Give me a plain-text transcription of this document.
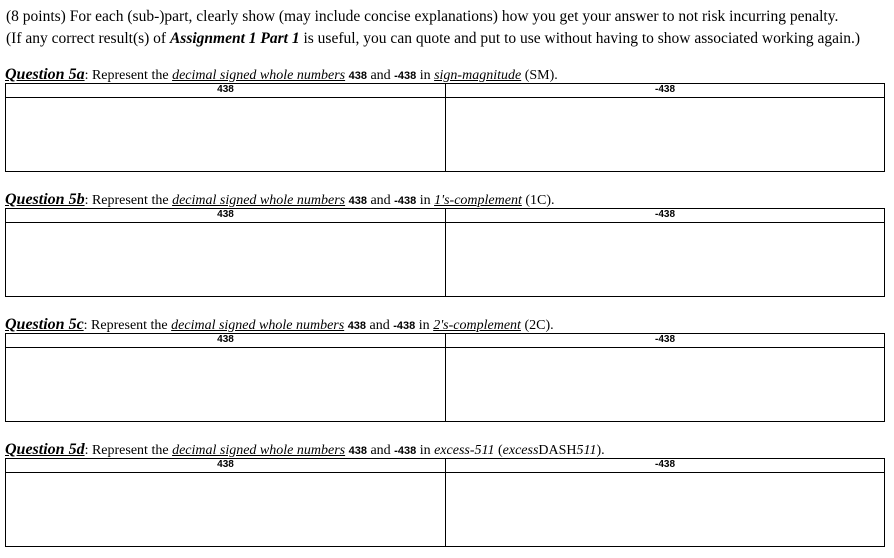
(8 points) For each (sub-)part, clearly show (may include concise explanations) how you get your answer to not risk incurring penalty.
(If any correct result(s) of Assignment 1 Part 1 is useful, you can quote and put to use without having to show associated working again.)
Question 5a: Represent the decimal signed whole numbers 438 and -438 in sign-magnitude (SM).
438	-438
Question 5b: Represent the decimal signed whole numbers 438 and -438 in 1's-complement (1C).
438	-438
Question 5c: Represent the decimal signed whole numbers 438 and -438 in 2's-complement (2C).
438	-438
Question 5d: Represent the decimal signed whole numbers 438 and -438 in excess-511 (excessDASH511).
438	-438
